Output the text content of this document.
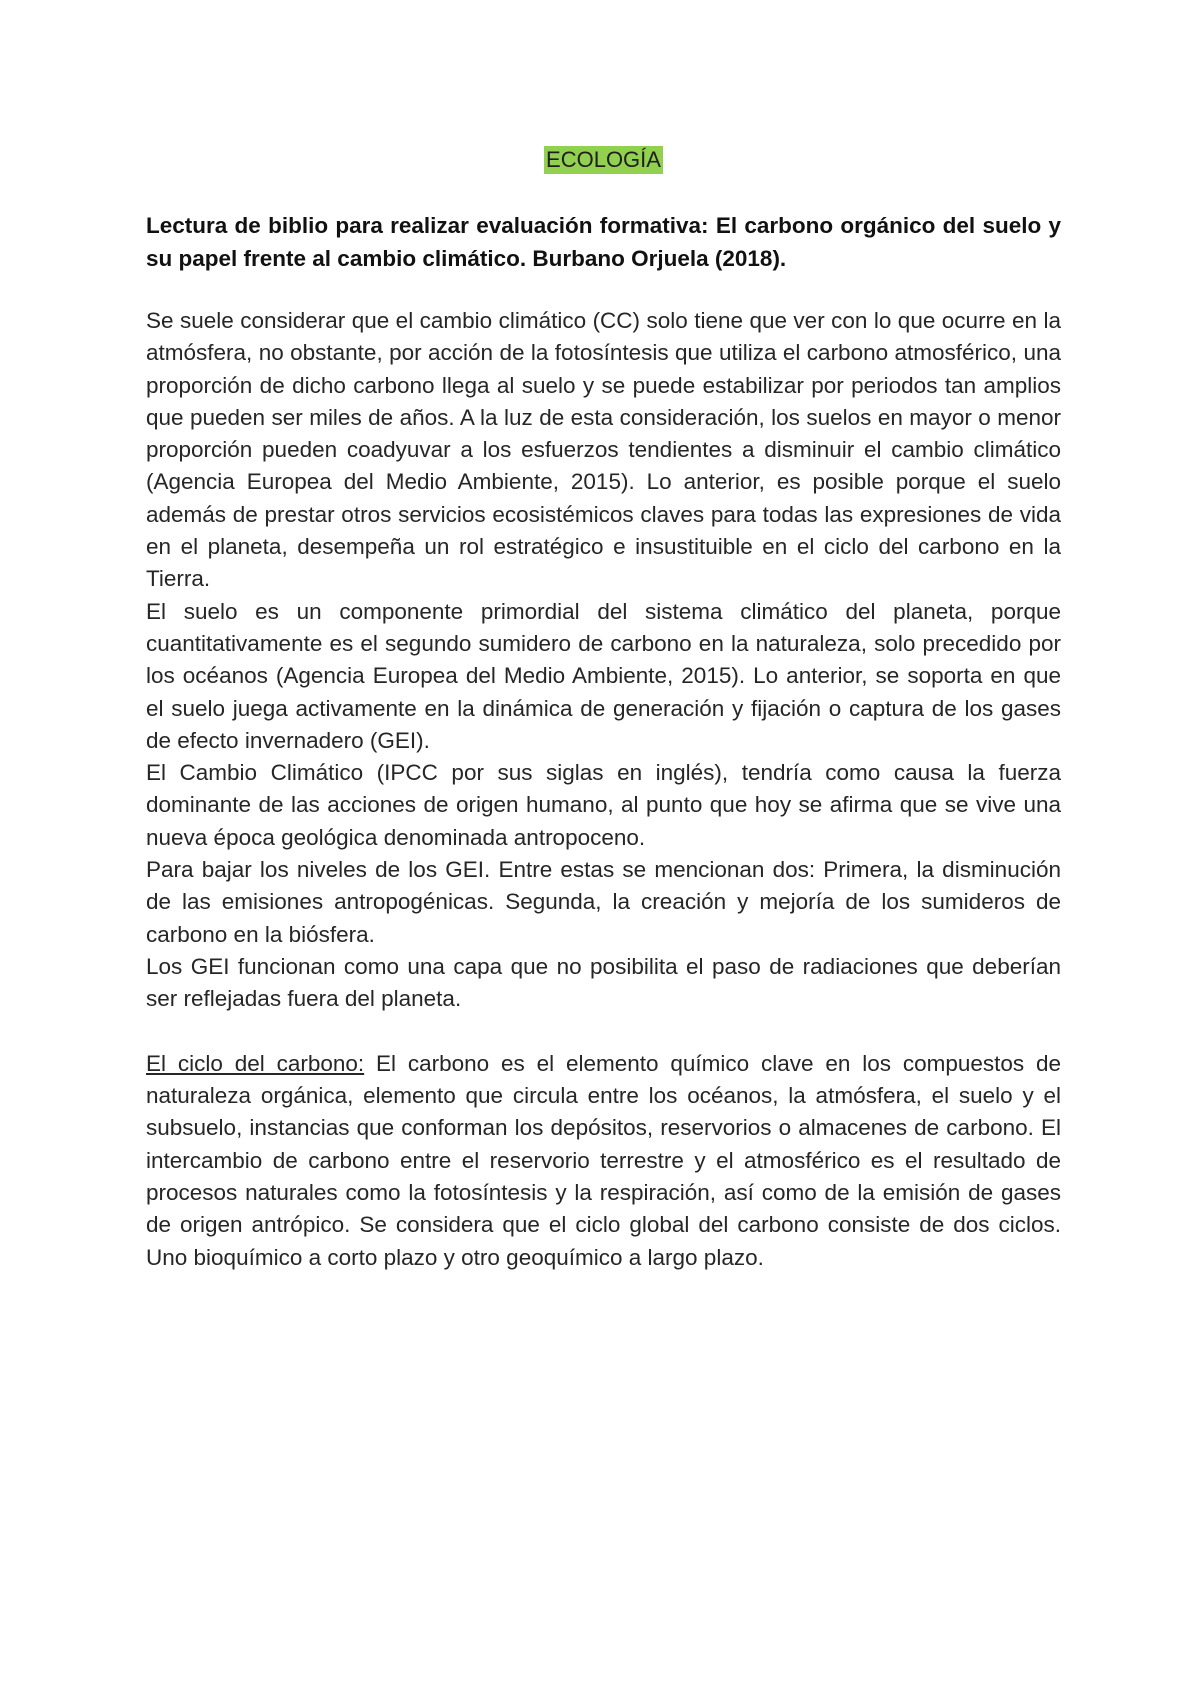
ECOLOGÍA
Lectura de biblio para realizar evaluación formativa: El carbono orgánico del suelo y su papel frente al cambio climático. Burbano Orjuela (2018).

Se suele considerar que el cambio climático (CC) solo tiene que ver con lo que ocurre en la atmósfera, no obstante, por acción de la fotosíntesis que utiliza el carbono atmosférico, una proporción de dicho carbono llega al suelo y se puede estabilizar por periodos tan amplios que pueden ser miles de años. A la luz de esta consideración, los suelos en mayor o menor proporción pueden coadyuvar a los esfuerzos tendientes a disminuir el cambio climático (Agencia Europea del Medio Ambiente, 2015). Lo anterior, es posible porque el suelo además de prestar otros servicios ecosistémicos claves para todas las expresiones de vida en el planeta, desempeña un rol estratégico e insustituible en el ciclo del carbono en la Tierra.

El suelo es un componente primordial del sistema climático del planeta, porque cuantitativamente es el segundo sumidero de carbono en la naturaleza, solo precedido por los océanos (Agencia Europea del Medio Ambiente, 2015). Lo anterior, se soporta en que el suelo juega activamente en la dinámica de generación y fijación o captura de los gases de efecto invernadero (GEI).

El Cambio Climático (IPCC por sus siglas en inglés), tendría como causa la fuerza dominante de las acciones de origen humano, al punto que hoy se afirma que se vive una nueva época geológica denominada antropoceno.

Para bajar los niveles de los GEI. Entre estas se mencionan dos: Primera, la disminución de las emisiones antropogénicas. Segunda, la creación y mejoría de los sumideros de carbono en la biósfera.

Los GEI funcionan como una capa que no posibilita el paso de radiaciones que deberían ser reflejadas fuera del planeta.

El ciclo del carbono: El carbono es el elemento químico clave en los compuestos de naturaleza orgánica, elemento que circula entre los océanos, la atmósfera, el suelo y el subsuelo, instancias que conforman los depósitos, reservorios o almacenes de carbono. El intercambio de carbono entre el reservorio terrestre y el atmosférico es el resultado de procesos naturales como la fotosíntesis y la respiración, así como de la emisión de gases de origen antrópico. Se considera que el ciclo global del carbono consiste de dos ciclos. Uno bioquímico a corto plazo y otro geoquímico a largo plazo.
